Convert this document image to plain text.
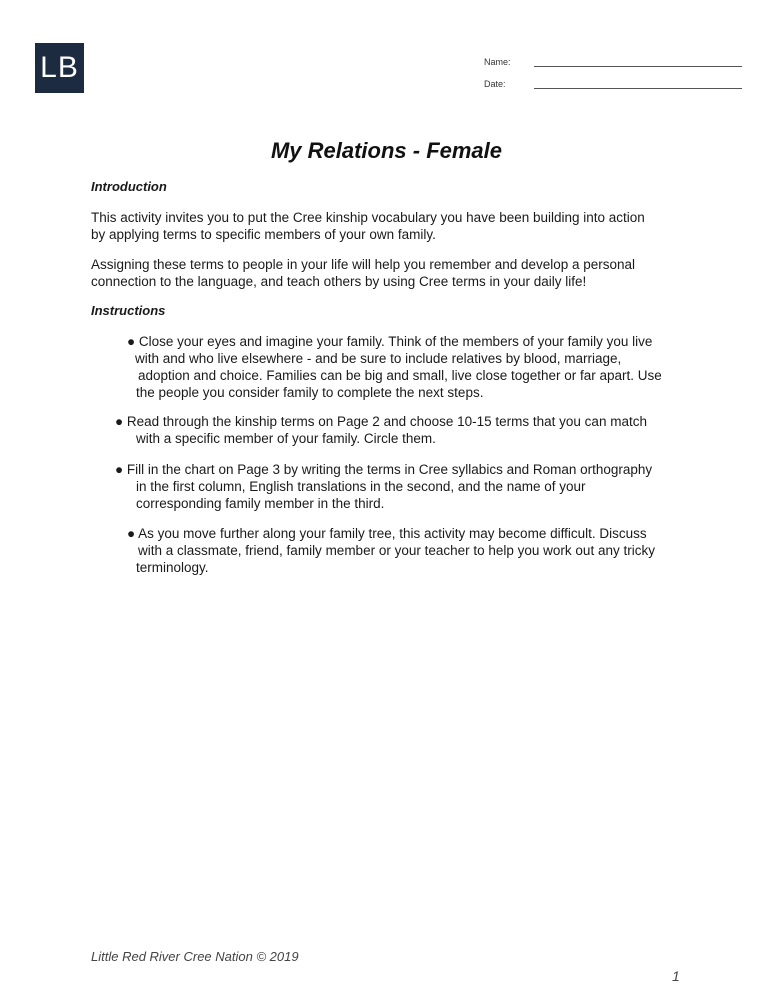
LB	Name:
Date:
My Relations - Female
Introduction
This activity invites you to put the Cree kinship vocabulary you have been building into action
by applying terms to specific members of your own family.
Assigning these terms to people in your life will help you remember and develop a personal
connection to the language, and teach others by using Cree terms in your daily life!
Instructions
● Close your eyes and imagine your family. Think of the members of your family you live
with and who live elsewhere - and be sure to include relatives by blood, marriage,
adoption and choice. Families can be big and small, live close together or far apart. Use
the people you consider family to complete the next steps.
● Read through the kinship terms on Page 2 and choose 10-15 terms that you can match
with a specific member of your family. Circle them.
● Fill in the chart on Page 3 by writing the terms in Cree syllabics and Roman orthography
in the first column, English translations in the second, and the name of your
corresponding family member in the third.
● As you move further along your family tree, this activity may become difficult. Discuss
with a classmate, friend, family member or your teacher to help you work out any tricky
terminology.
Little Red River Cree Nation © 2019
1
